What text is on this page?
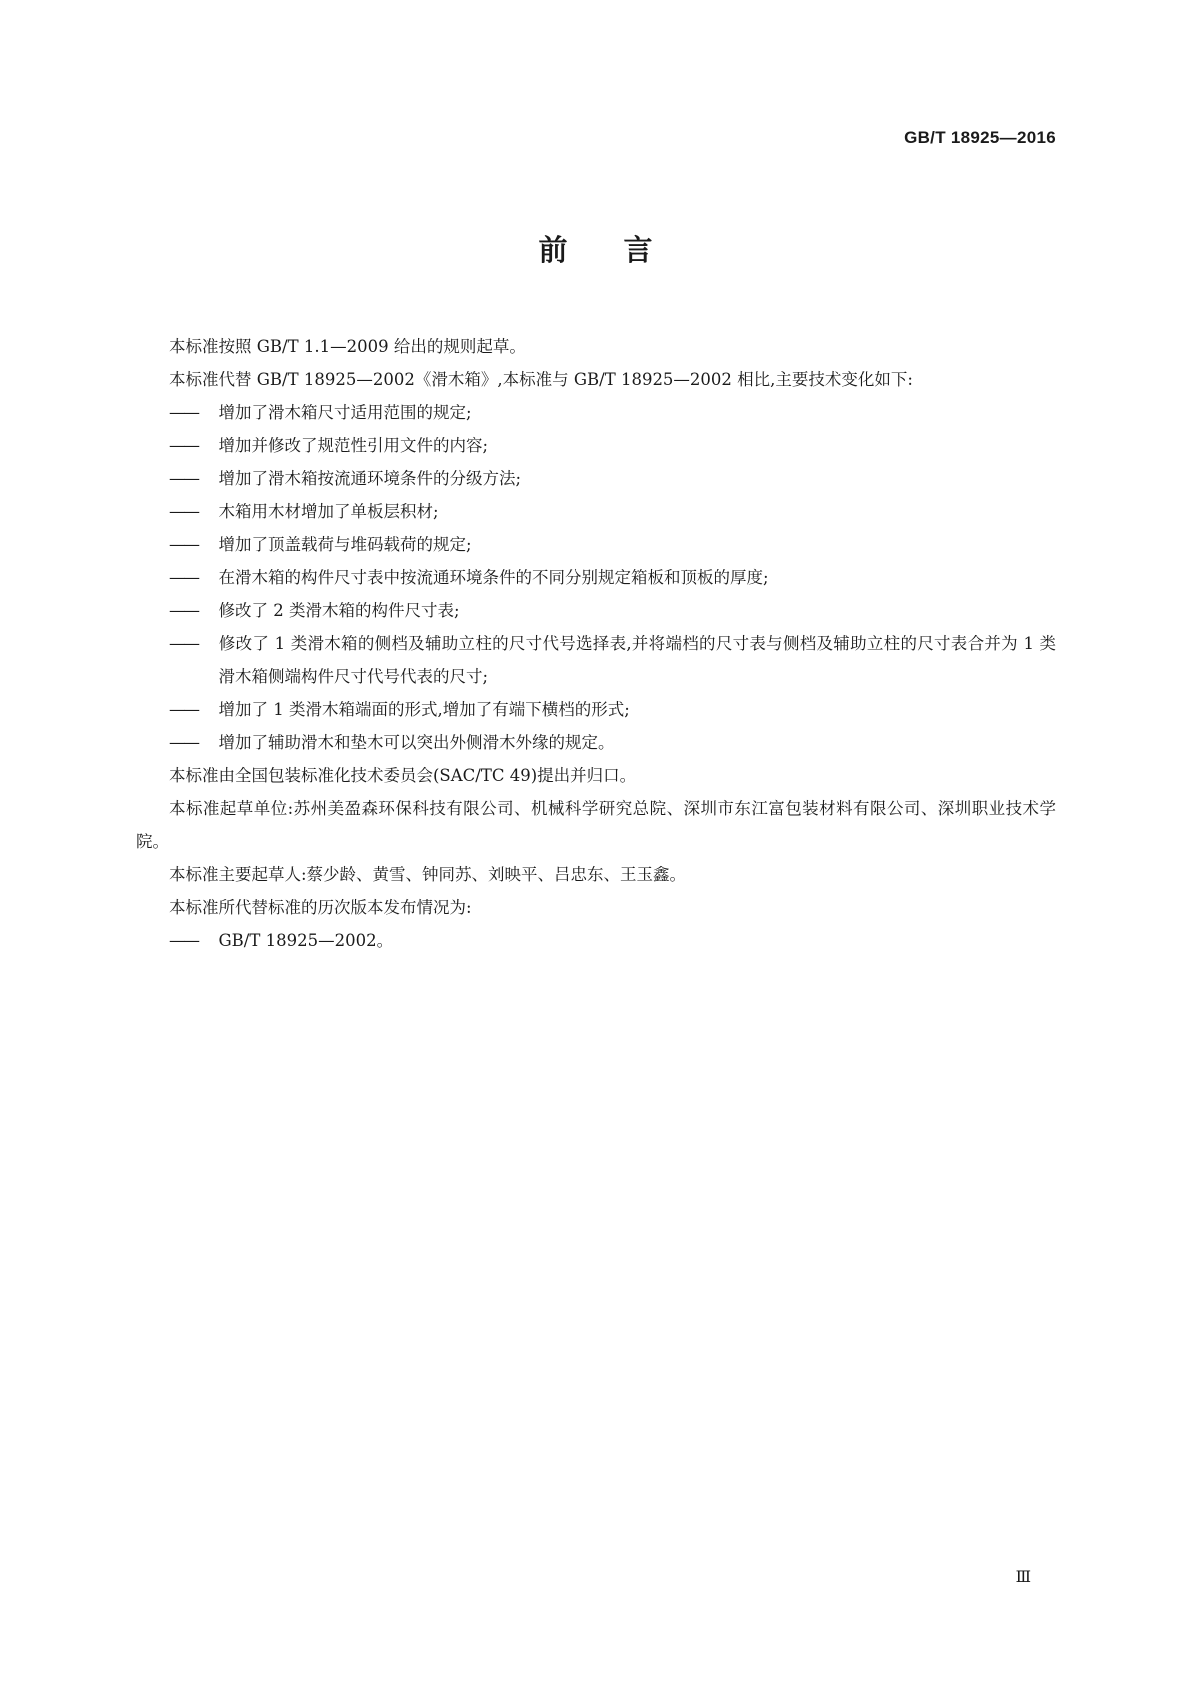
GB/T 18925—2016
前言

本标准按照 GB/T 1.1—2009 给出的规则起草。

本标准代替 GB/T 18925—2002《滑木箱》,本标准与 GB/T 18925—2002 相比,主要技术变化如下:

—— 增加了滑木箱尺寸适用范围的规定;

—— 增加并修改了规范性引用文件的内容;

—— 增加了滑木箱按流通环境条件的分级方法;

—— 木箱用木材增加了单板层积材;

—— 增加了顶盖载荷与堆码载荷的规定;

—— 在滑木箱的构件尺寸表中按流通环境条件的不同分别规定箱板和顶板的厚度;

—— 修改了 2 类滑木箱的构件尺寸表;

—— 修改了 1 类滑木箱的侧档及辅助立柱的尺寸代号选择表,并将端档的尺寸表与侧档及辅助立柱的尺寸表合并为 1 类滑木箱侧端构件尺寸代号代表的尺寸;

—— 增加了 1 类滑木箱端面的形式,增加了有端下横档的形式;

—— 增加了辅助滑木和垫木可以突出外侧滑木外缘的规定。

本标准由全国包装标准化技术委员会(SAC/TC 49)提出并归口。

本标准起草单位:苏州美盈森环保科技有限公司、机械科学研究总院、深圳市东江富包装材料有限公司、深圳职业技术学院。

本标准主要起草人:蔡少龄、黄雪、钟同苏、刘映平、吕忠东、王玉鑫。

本标准所代替标准的历次版本发布情况为:

—— GB/T 18925—2002。

Ⅲ
